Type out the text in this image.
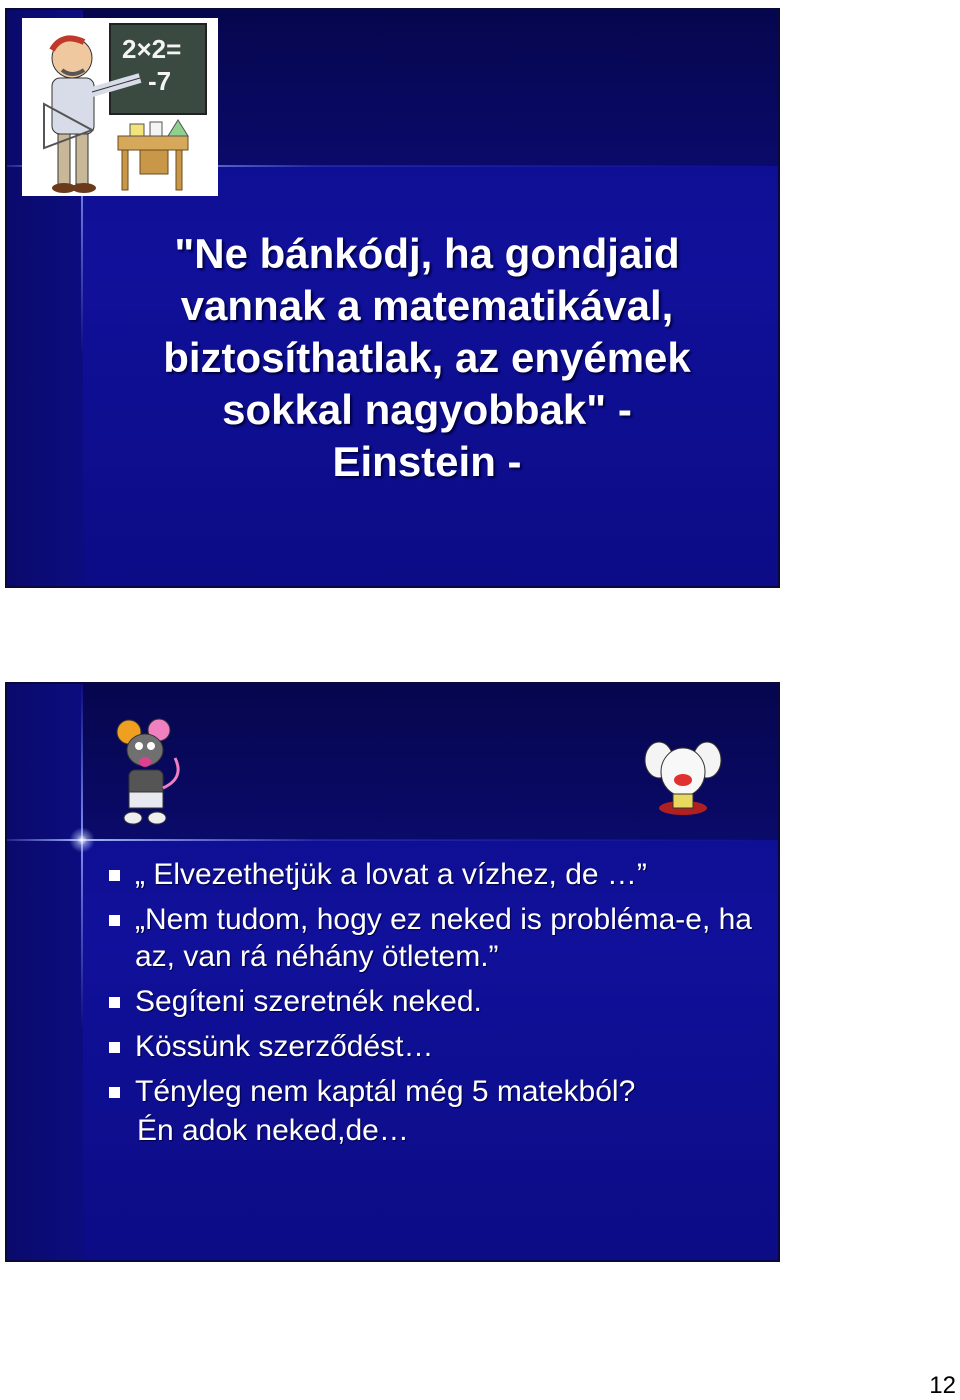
2×2=
-7
"Ne bánkódj, ha gondjaid
vannak a matematikával,
biztosíthatlak, az enyémek
sokkal nagyobbak" -
Einstein -
„ Elvezethetjük a lovat a vízhez, de …”
„Nem tudom, hogy ez neked is probléma-e, ha az, van rá néhány ötletem.”
Segíteni szeretnék neked.
Kössünk szerződést…
Tényleg nem kaptál még 5 matekból?
Én adok neked,de…
12
